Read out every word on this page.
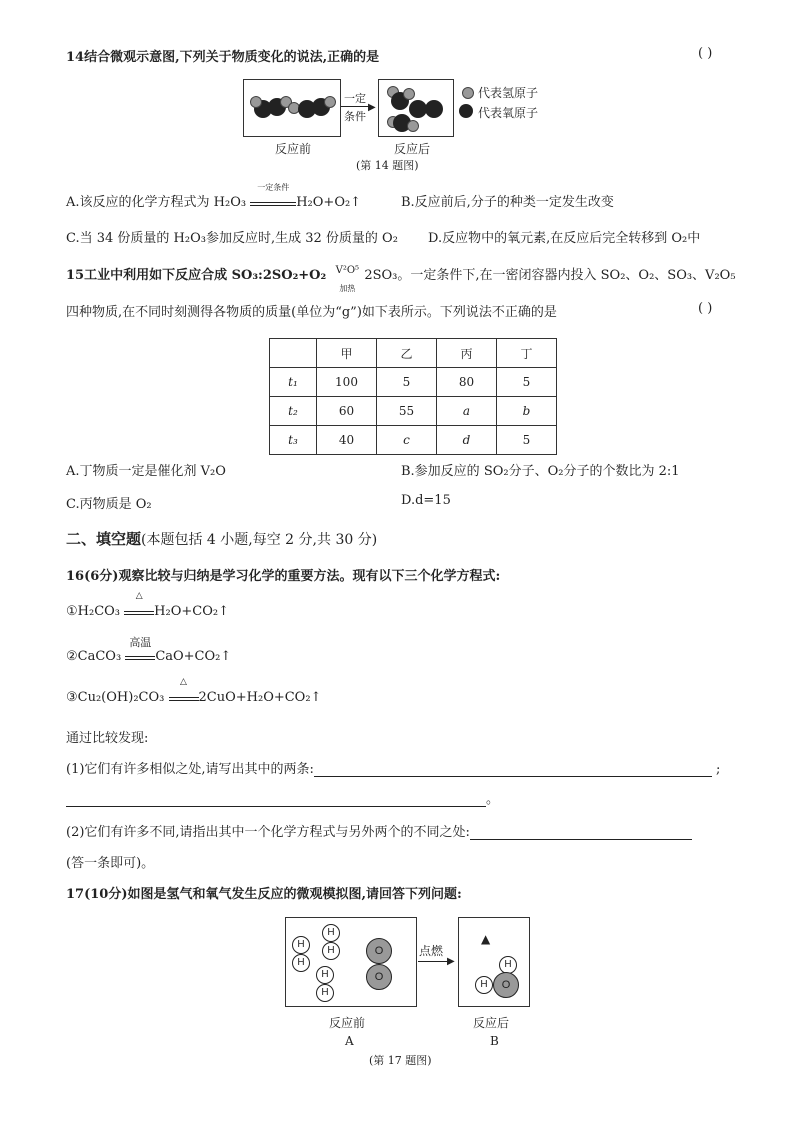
14结合微观示意图,下列关于物质变化的说法,正确的是	( )
一定
▶
条件
代表氢原子
代表氧原子
反应前	反应后
(第 14 题图)
A.该反应的化学方程式为 H₂O₃
一定条件
H₂O+O₂↑	B.反应前后,分子的种类一定发生改变
C.当 34 份质量的 H₂O₃参加反应时,生成 32 份质量的 O₂ D.反应物中的氧元素,在反应后完全转移到 O₂中
15工业中利用如下反应合成 SO₃:2SO₂+O₂ V²O⁵
加热
2SO₃。一定条件下,在一密闭容器内投入 SO₂、O₂、SO₃、V₂O₅
四种物质,在不同时刻测得各物质的质量(单位为“g”)如下表所示。下列说法不正确的是	( )
	甲	乙	丙	丁
t₁	100	5	80	5
t₂	60	55	a	b
t₃	40	c	d	5
A.丁物质一定是催化剂 V₂O	B.参加反应的 SO₂分子、O₂分子的个数比为 2:1
C.丙物质是 O₂	D.d=15
二、填空题(本题包括 4 小题,每空 2 分,共 30 分)
16(6分)观察比较与归纳是学习化学的重要方法。现有以下三个化学方程式:
①H₂CO₃
△
H₂O+CO₂↑
②CaCO₃
高温
CaO+CO₂↑
③Cu₂(OH)₂CO₃
△
2CuO+H₂O+CO₂↑
通过比较发现:
(1)它们有许多相似之处,请写出其中的两条:	;
。
(2)它们有许多不同,请指出其中一个化学方程式与另外两个的不同之处:
(答一条即可)。
17(10分)如图是氢气和氧气发生反应的微观模拟图,请回答下列问题:
H
H
H
H
H
H
O
O
点燃
▶
▲
H
H	O
反应前
A
反应后
B
(第 17 题图)
